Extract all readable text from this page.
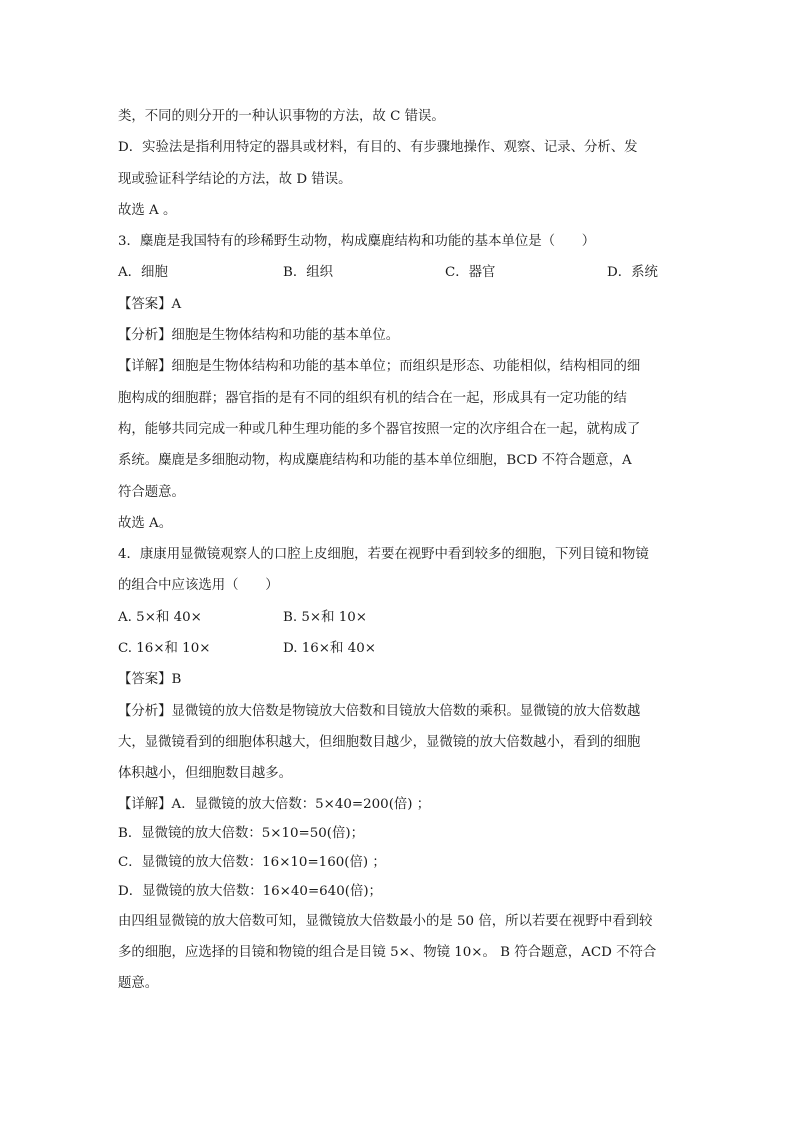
类，不同的则分开的一种认识事物的方法，故 C 错误。
D．实验法是指利用特定的器具或材料，有目的、有步骤地操作、观察、记录、分析、发
现或验证科学结论的方法，故 D 错误。
故选 A 。
3．麋鹿是我国特有的珍稀野生动物，构成麋鹿结构和功能的基本单位是（　　）
A．细胞	B．组织	C．器官	D．系统
【答案】A
【分析】细胞是生物体结构和功能的基本单位。
【详解】细胞是生物体结构和功能的基本单位；而组织是形态、功能相似，结构相同的细
胞构成的细胞群；器官指的是有不同的组织有机的结合在一起，形成具有一定功能的结
构，能够共同完成一种或几种生理功能的多个器官按照一定的次序组合在一起，就构成了
系统。麋鹿是多细胞动物，构成麋鹿结构和功能的基本单位细胞，BCD 不符合题意，A
符合题意。
故选 A。
4．康康用显微镜观察人的口腔上皮细胞，若要在视野中看到较多的细胞，下列目镜和物镜
的组合中应该选用（　　）
A. 5×和 40×	B. 5×和 10×
C. 16×和 10×	D. 16×和 40×
【答案】B
【分析】显微镜的放大倍数是物镜放大倍数和目镜放大倍数的乘积。显微镜的放大倍数越
大，显微镜看到的细胞体积越大，但细胞数目越少，显微镜的放大倍数越小，看到的细胞
体积越小，但细胞数目越多。
【详解】A．显微镜的放大倍数：5×40=200(倍) ；
B．显微镜的放大倍数：5×10=50(倍)；
C．显微镜的放大倍数：16×10=160(倍) ；
D．显微镜的放大倍数：16×40=640(倍)；
由四组显微镜的放大倍数可知，显微镜放大倍数最小的是 50 倍，所以若要在视野中看到较
多的细胞，应选择的目镜和物镜的组合是目镜 5×、物镜 10×。 B 符合题意，ACD 不符合
题意。
